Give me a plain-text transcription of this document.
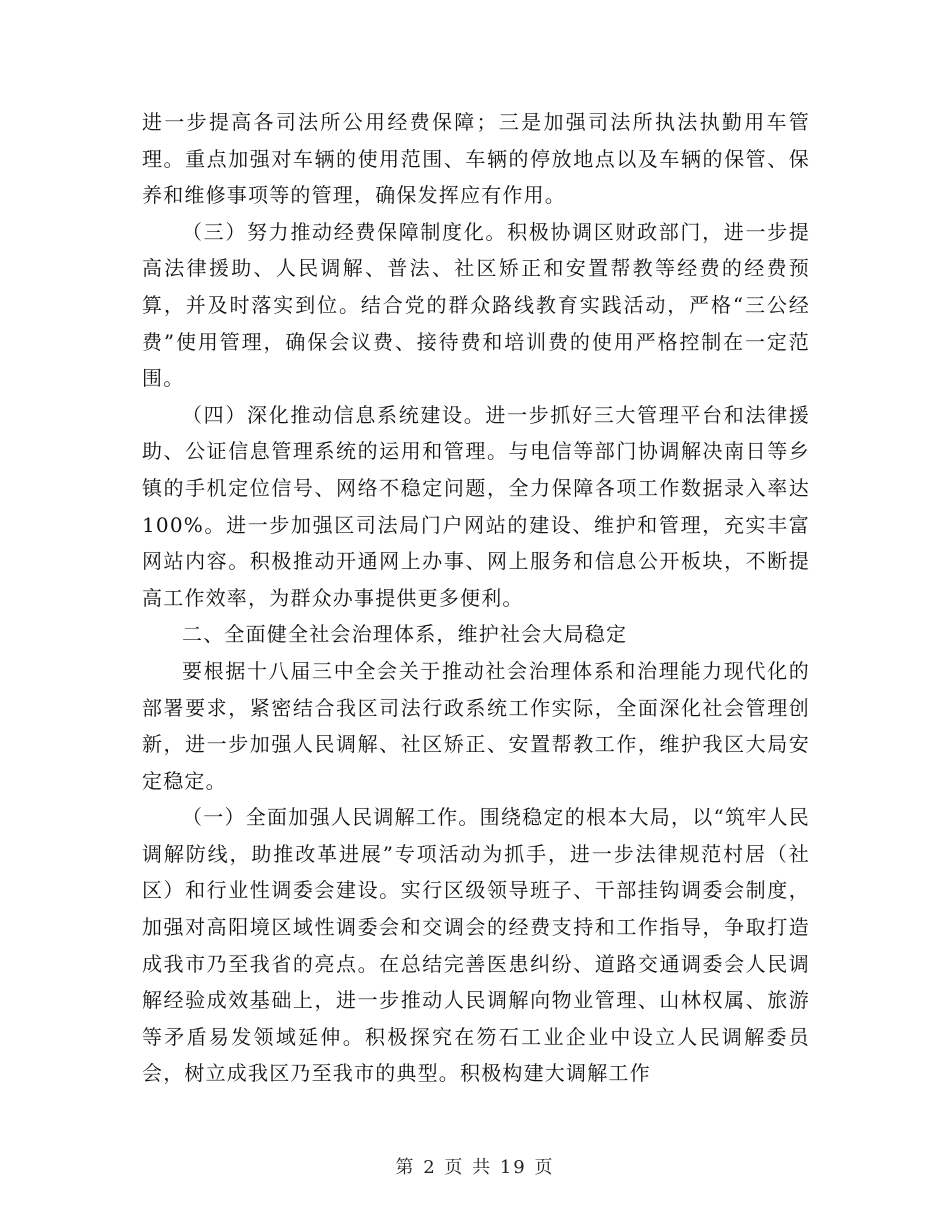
进一步提高各司法所公用经费保障；三是加强司法所执法执勤用车管理。重点加强对车辆的使用范围、车辆的停放地点以及车辆的保管、保养和维修事项等的管理，确保发挥应有作用。

（三）努力推动经费保障制度化。积极协调区财政部门，进一步提高法律援助、人民调解、普法、社区矫正和安置帮教等经费的经费预算，并及时落实到位。结合党的群众路线教育实践活动，严格“三公经费”使用管理，确保会议费、接待费和培训费的使用严格控制在一定范围。

（四）深化推动信息系统建设。进一步抓好三大管理平台和法律援助、公证信息管理系统的运用和管理。与电信等部门协调解决南日等乡镇的手机定位信号、网络不稳定问题，全力保障各项工作数据录入率达100%。进一步加强区司法局门户网站的建设、维护和管理，充实丰富网站内容。积极推动开通网上办事、网上服务和信息公开板块，不断提高工作效率，为群众办事提供更多便利。

二、全面健全社会治理体系，维护社会大局稳定

要根据十八届三中全会关于推动社会治理体系和治理能力现代化的部署要求，紧密结合我区司法行政系统工作实际，全面深化社会管理创新，进一步加强人民调解、社区矫正、安置帮教工作，维护我区大局安定稳定。

（一）全面加强人民调解工作。围绕稳定的根本大局，以“筑牢人民调解防线，助推改革进展”专项活动为抓手，进一步法律规范村居（社区）和行业性调委会建设。实行区级领导班子、干部挂钩调委会制度，加强对高阳境区域性调委会和交调会的经费支持和工作指导，争取打造成我市乃至我省的亮点。在总结完善医患纠纷、道路交通调委会人民调解经验成效基础上，进一步推动人民调解向物业管理、山林权属、旅游等矛盾易发领域延伸。积极探究在笏石工业企业中设立人民调解委员会，树立成我区乃至我市的典型。积极构建大调解工作

第 2 页 共 19 页
